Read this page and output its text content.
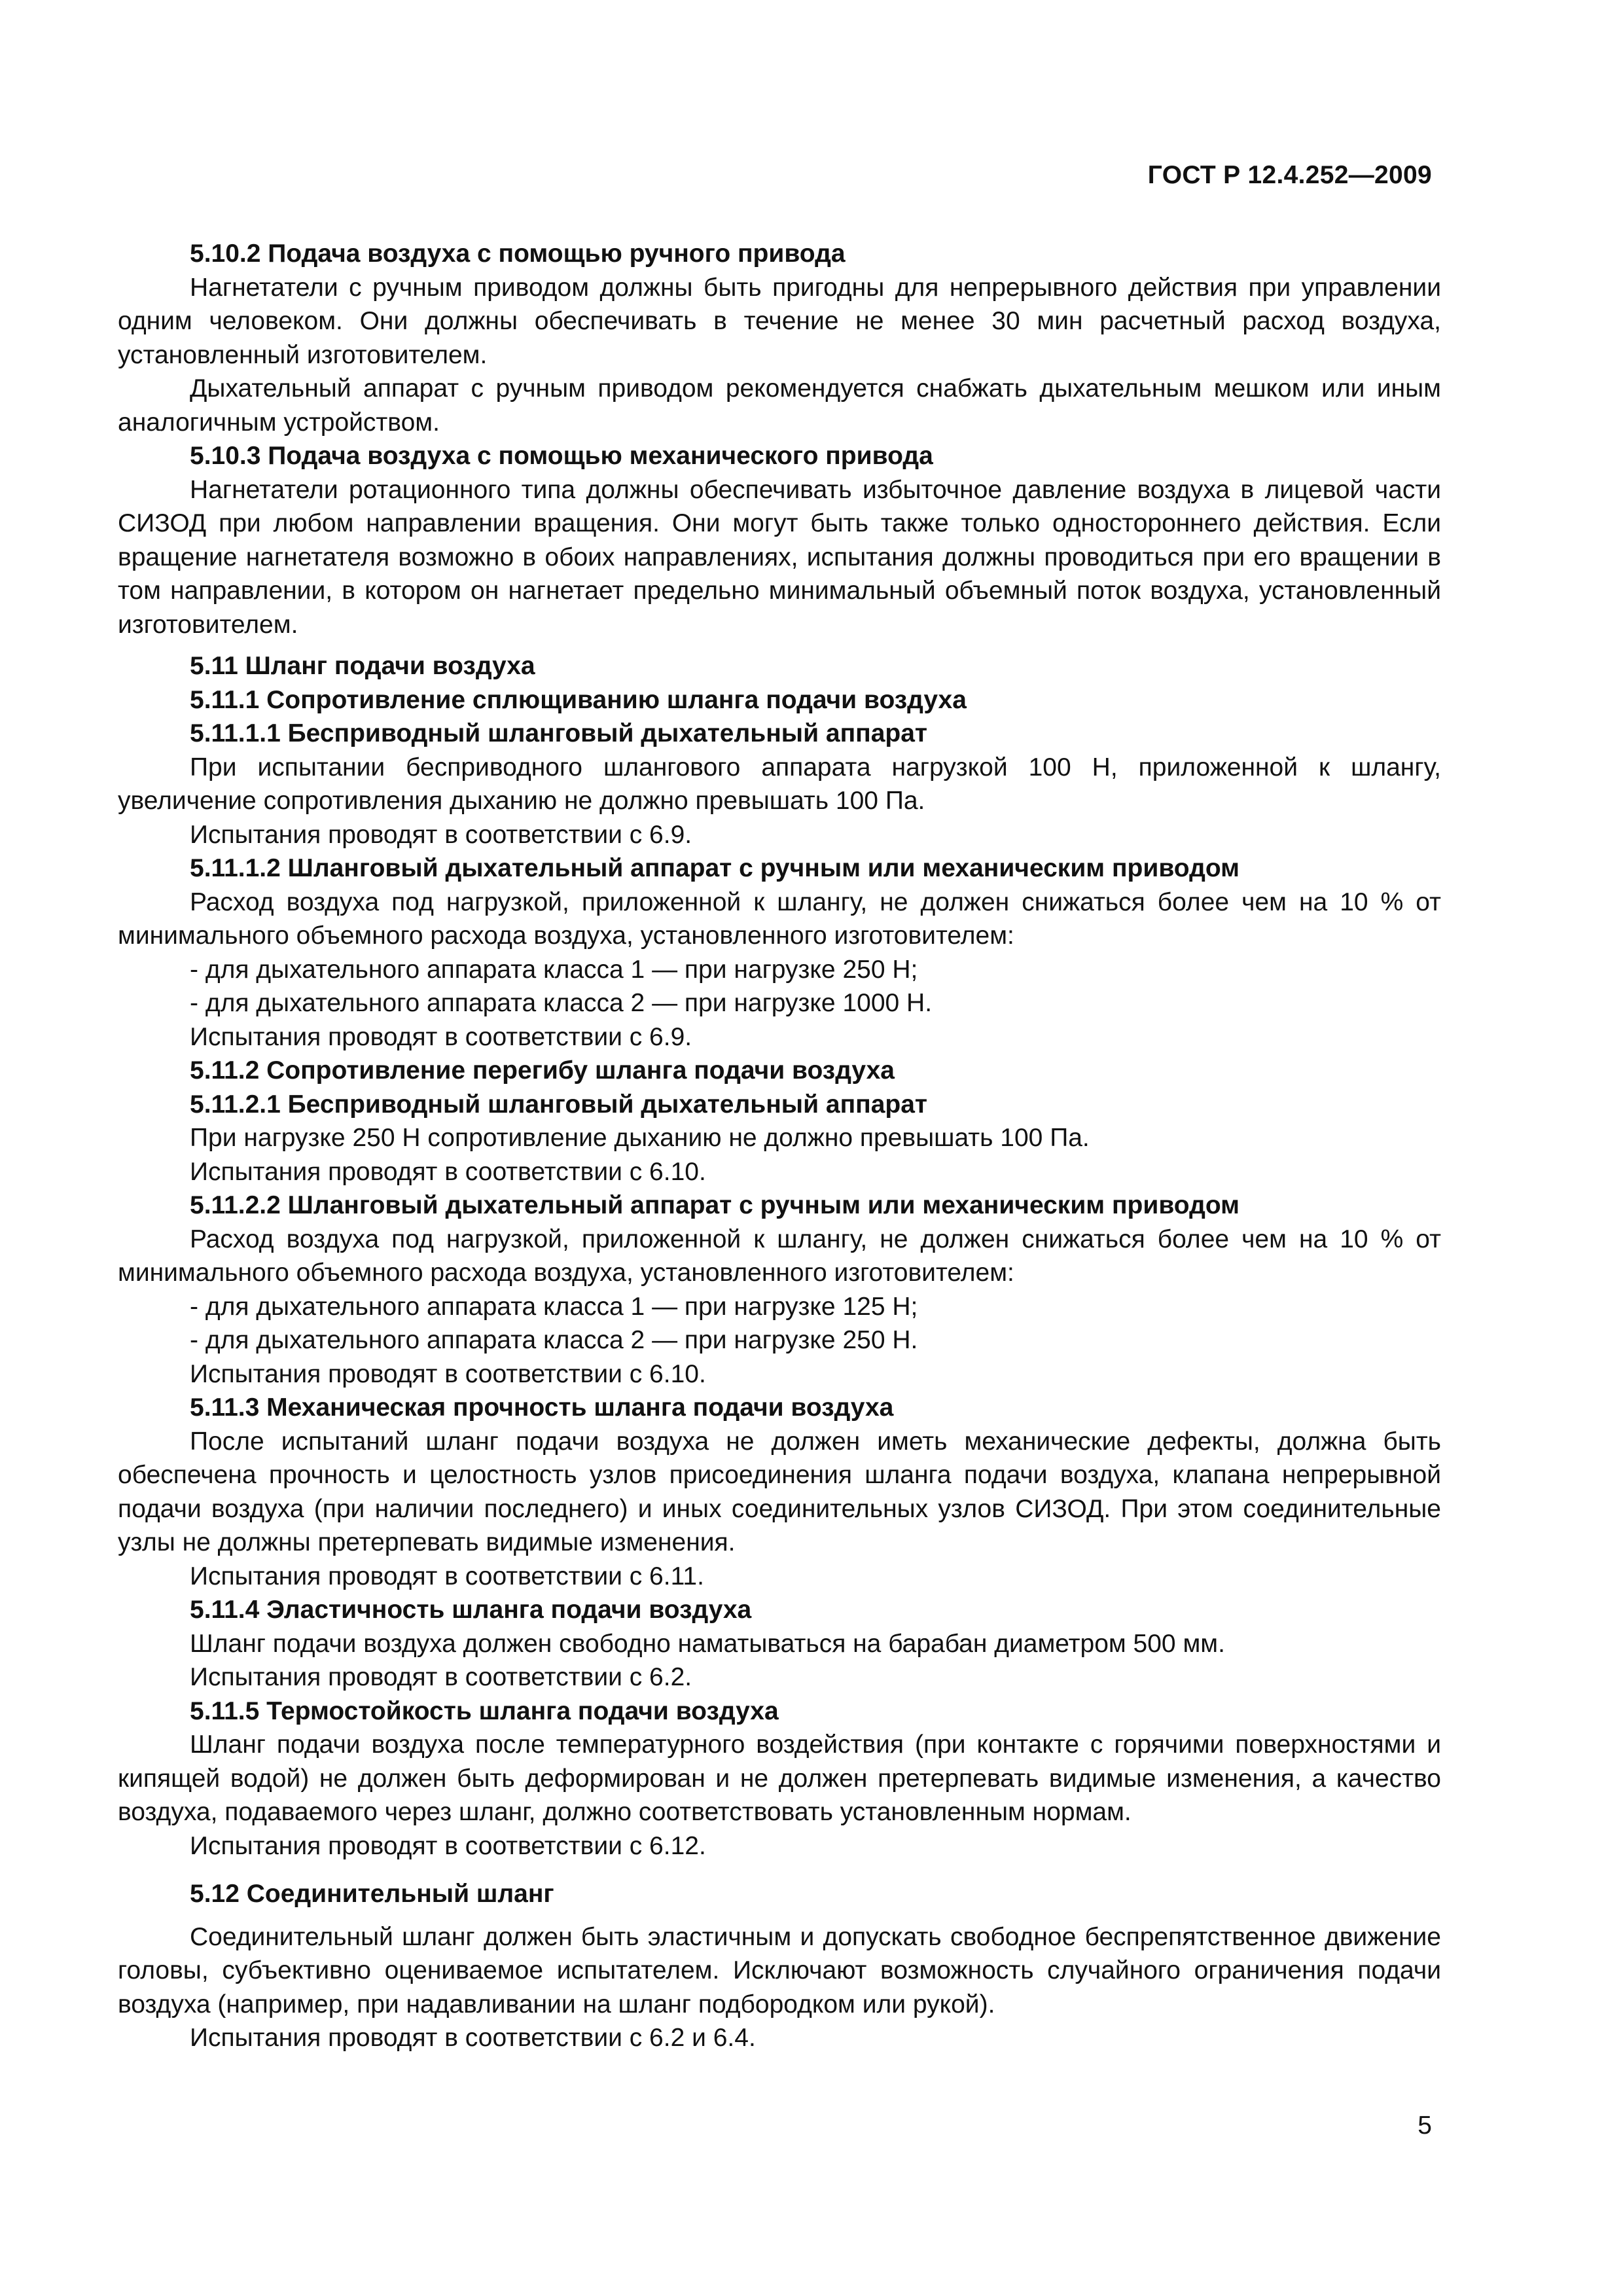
ГОСТ Р 12.4.252—2009
5.10.2 Подача воздуха с помощью ручного привода
Нагнетатели с ручным приводом должны быть пригодны для непрерывного действия при управлении одним человеком. Они должны обеспечивать в течение не менее 30 мин расчетный расход воздуха, установленный изготовителем.
Дыхательный аппарат с ручным приводом рекомендуется снабжать дыхательным мешком или иным аналогичным устройством.
5.10.3 Подача воздуха с помощью механического привода
Нагнетатели ротационного типа должны обеспечивать избыточное давление воздуха в лицевой части СИЗОД при любом направлении вращения. Они могут быть также только одностороннего действия. Если вращение нагнетателя возможно в обоих направлениях, испытания должны проводиться при его вращении в том направлении, в котором он нагнетает предельно минимальный объемный поток воздуха, установленный изготовителем.
5.11 Шланг подачи воздуха
5.11.1 Сопротивление сплющиванию шланга подачи воздуха
5.11.1.1 Бесприводный шланговый дыхательный аппарат
При испытании бесприводного шлангового аппарата нагрузкой 100 Н, приложенной к шлангу, увеличение сопротивления дыханию не должно превышать 100 Па.
Испытания проводят в соответствии с 6.9.
5.11.1.2 Шланговый дыхательный аппарат с ручным или механическим приводом
Расход воздуха под нагрузкой, приложенной к шлангу, не должен снижаться более чем на 10 % от минимального объемного расхода воздуха, установленного изготовителем:
- для дыхательного аппарата класса 1 — при нагрузке 250 Н;
- для дыхательного аппарата класса 2 — при нагрузке 1000 Н.
Испытания проводят в соответствии с 6.9.
5.11.2 Сопротивление перегибу шланга подачи воздуха
5.11.2.1 Бесприводный шланговый дыхательный аппарат
При нагрузке 250 Н сопротивление дыханию не должно превышать 100 Па.
Испытания проводят в соответствии с 6.10.
5.11.2.2 Шланговый дыхательный аппарат с ручным или механическим приводом
Расход воздуха под нагрузкой, приложенной к шлангу, не должен снижаться более чем на 10 % от минимального объемного расхода воздуха, установленного изготовителем:
- для дыхательного аппарата класса 1 — при нагрузке 125 Н;
- для дыхательного аппарата класса 2 — при нагрузке 250 Н.
Испытания проводят в соответствии с 6.10.
5.11.3 Механическая прочность шланга подачи воздуха
После испытаний шланг подачи воздуха не должен иметь механические дефекты, должна быть обеспечена прочность и целостность узлов присоединения шланга подачи воздуха, клапана непрерывной подачи воздуха (при наличии последнего) и иных соединительных узлов СИЗОД. При этом соединительные узлы не должны претерпевать видимые изменения.
Испытания проводят в соответствии с 6.11.
5.11.4 Эластичность шланга подачи воздуха
Шланг подачи воздуха должен свободно наматываться на барабан диаметром 500 мм.
Испытания проводят в соответствии с 6.2.
5.11.5 Термостойкость шланга подачи воздуха
Шланг подачи воздуха после температурного воздействия (при контакте с горячими поверхностями и кипящей водой) не должен быть деформирован и не должен претерпевать видимые изменения, а качество воздуха, подаваемого через шланг, должно соответствовать установленным нормам.
Испытания проводят в соответствии с 6.12.
5.12 Соединительный шланг
Соединительный шланг должен быть эластичным и допускать свободное беспрепятственное движение головы, субъективно оцениваемое испытателем. Исключают возможность случайного ограничения подачи воздуха (например, при надавливании на шланг подбородком или рукой).
Испытания проводят в соответствии с 6.2 и 6.4.
5
